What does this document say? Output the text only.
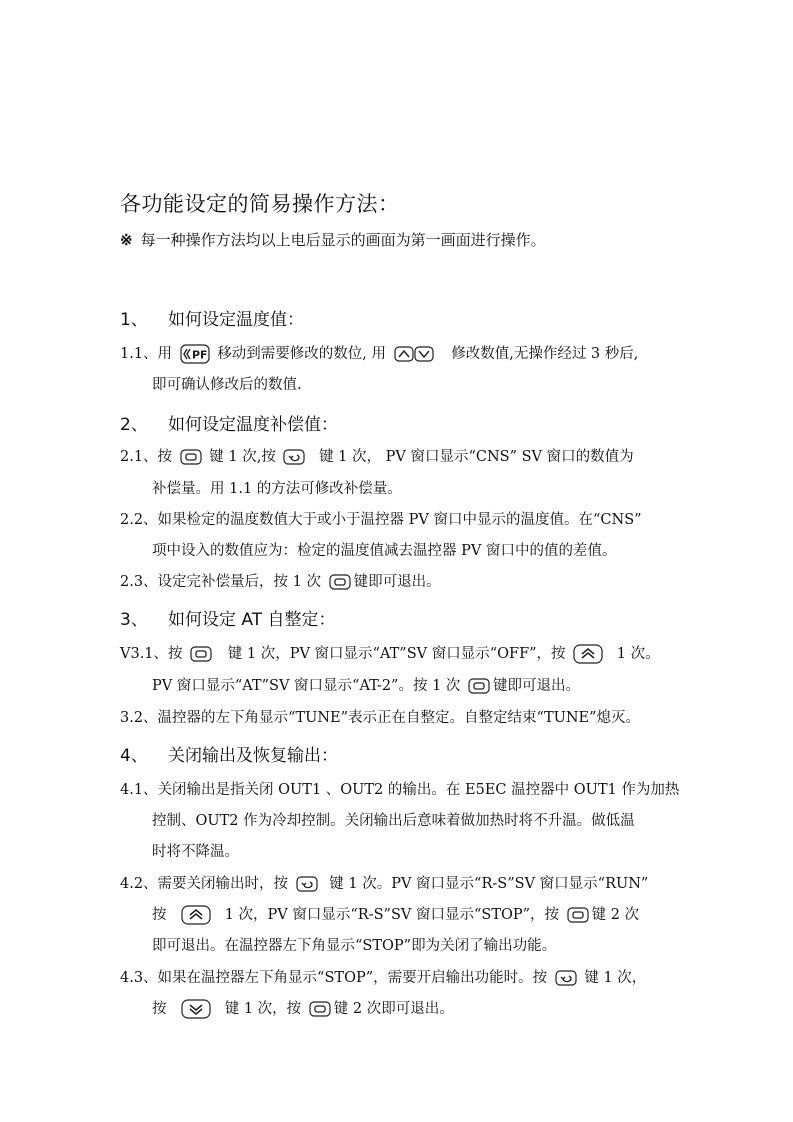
各功能设定的简易操作方法：
※ 每一种操作方法均以上电后显示的画面为第一画面进行操作。
1、 如何设定温度值：
1.1、用 PF 移动到需要修改的数位, 用	修改数值,无操作经过 3 秒后,
即可确认修改后的数值.
2、 如何设定温度补偿值：
2.1、按	键 1 次,按	键 1 次， PV 窗口显示“CNS” SV 窗口的数值为
补偿量。用 1.1 的方法可修改补偿量。
2.2、如果检定的温度数值大于或小于温控器 PV 窗口中显示的温度值。在“CNS”
项中设入的数值应为：检定的温度值减去温控器 PV 窗口中的值的差值。
2.3、设定完补偿量后，按 1 次 键即可退出。
3、 如何设定 AT 自整定：
V3.1、按	键 1 次，PV 窗口显示“AT”SV 窗口显示“OFF”，按	1 次。
PV 窗口显示“AT”SV 窗口显示“AT-2”。按 1 次 键即可退出。
3.2、温控器的左下角显示“TUNE”表示正在自整定。自整定结束“TUNE”熄灭。
4、 关闭输出及恢复输出：
4.1、关闭输出是指关闭 OUT1 、OUT2 的输出。在 E5EC 温控器中 OUT1 作为加热
控制、OUT2 作为冷却控制。关闭输出后意味着做加热时将不升温。做低温
时将不降温。
4.2、需要关闭输出时，按	键 1 次。PV 窗口显示“R-S”SV 窗口显示“RUN”
按	1 次，PV 窗口显示“R-S”SV 窗口显示“STOP”，按 键 2 次
即可退出。在温控器左下角显示“STOP”即为关闭了输出功能。
4.3、如果在温控器左下角显示“STOP”，需要开启输出功能时。按	键 1 次，
按	键 1 次，按 键 2 次即可退出。
